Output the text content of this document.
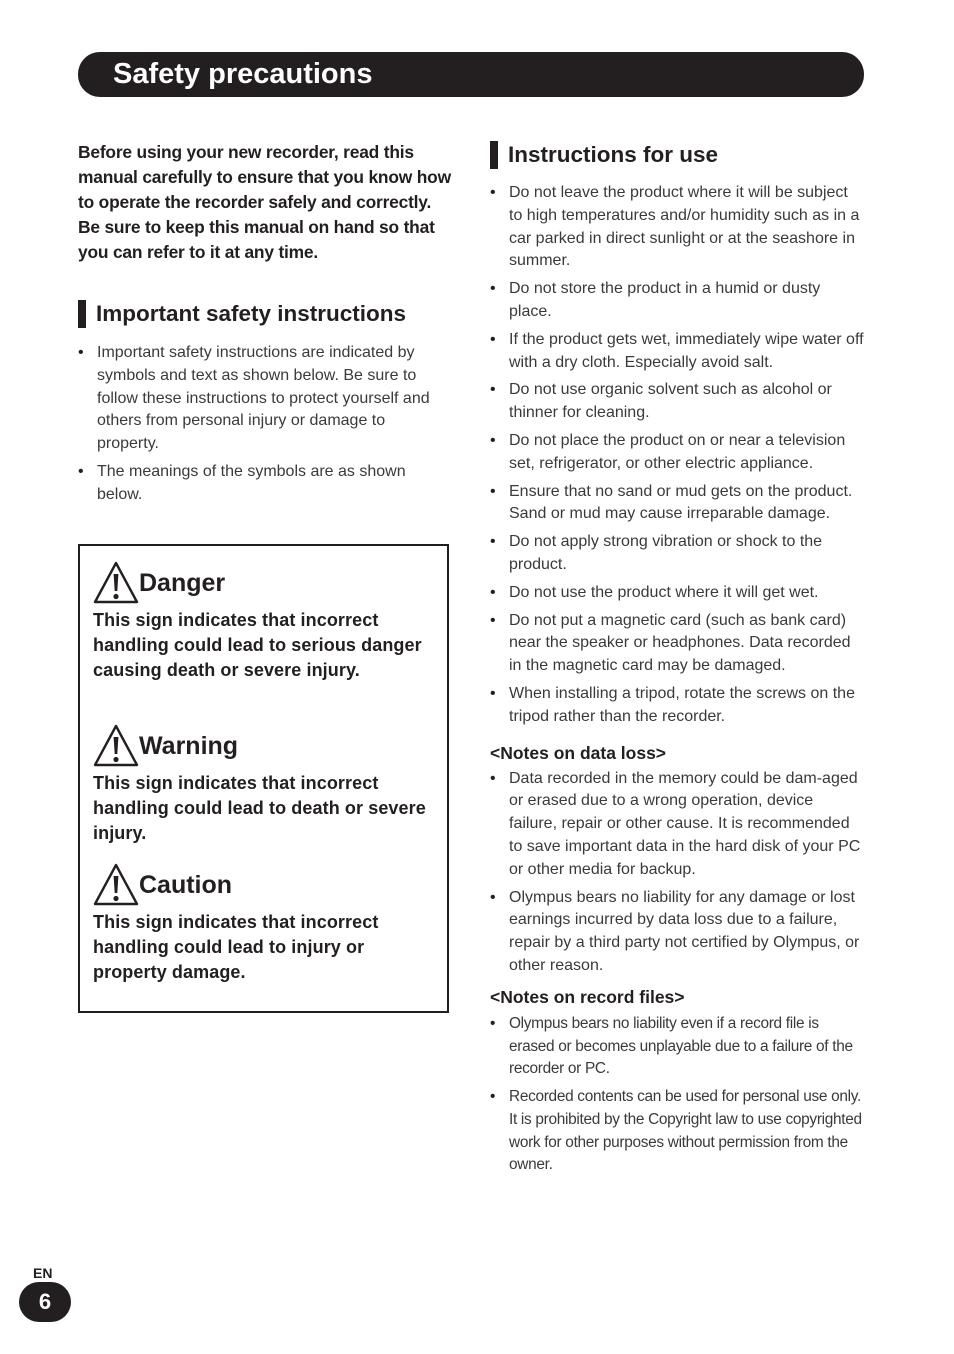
Safety precautions

Before using your new recorder, read this manual carefully to ensure that you know how to operate the recorder safely and correctly. Be sure to keep this manual on hand so that you can refer to it at any time.

Important safety instructions
• Important safety instructions are indicated by symbols and text as shown below. Be sure to follow these instructions to protect yourself and others from personal injury or damage to property.
• The meanings of the symbols are as shown below.
Danger

This sign indicates that incorrect handling could lead to serious danger causing death or severe injury.

Warning

This sign indicates that incorrect handling could lead to death or severe injury.

Caution

This sign indicates that incorrect handling could lead to injury or property damage.

Instructions for use
• Do not leave the product where it will be subject to high temperatures and/or humidity such as in a car parked in direct sunlight or at the seashore in summer.
• Do not store the product in a humid or dusty place.
• If the product gets wet, immediately wipe water off with a dry cloth. Especially avoid salt.
• Do not use organic solvent such as alcohol or thinner for cleaning.
• Do not place the product on or near a television set, refrigerator, or other electric appliance.
• Ensure that no sand or mud gets on the product. Sand or mud may cause irreparable damage.
• Do not apply strong vibration or shock to the product.
• Do not use the product where it will get wet.
• Do not put a magnetic card (such as bank card) near the speaker or headphones. Data recorded in the magnetic card may be damaged.
• When installing a tripod, rotate the screws on the tripod rather than the recorder.
<Notes on data loss>
• Data recorded in the memory could be dam-aged or erased due to a wrong operation, device failure, repair or other cause. It is recommended to save important data in the hard disk of your PC or other media for backup.
• Olympus bears no liability for any damage or lost earnings incurred by data loss due to a failure, repair by a third party not certified by Olympus, or other reason.
<Notes on record files>
• Olympus bears no liability even if a record file is erased or becomes unplayable due to a failure of the recorder or PC.
• Recorded contents can be used for personal use only. It is prohibited by the Copyright law to use copyrighted work for other purposes without permission from the owner.
EN
6
